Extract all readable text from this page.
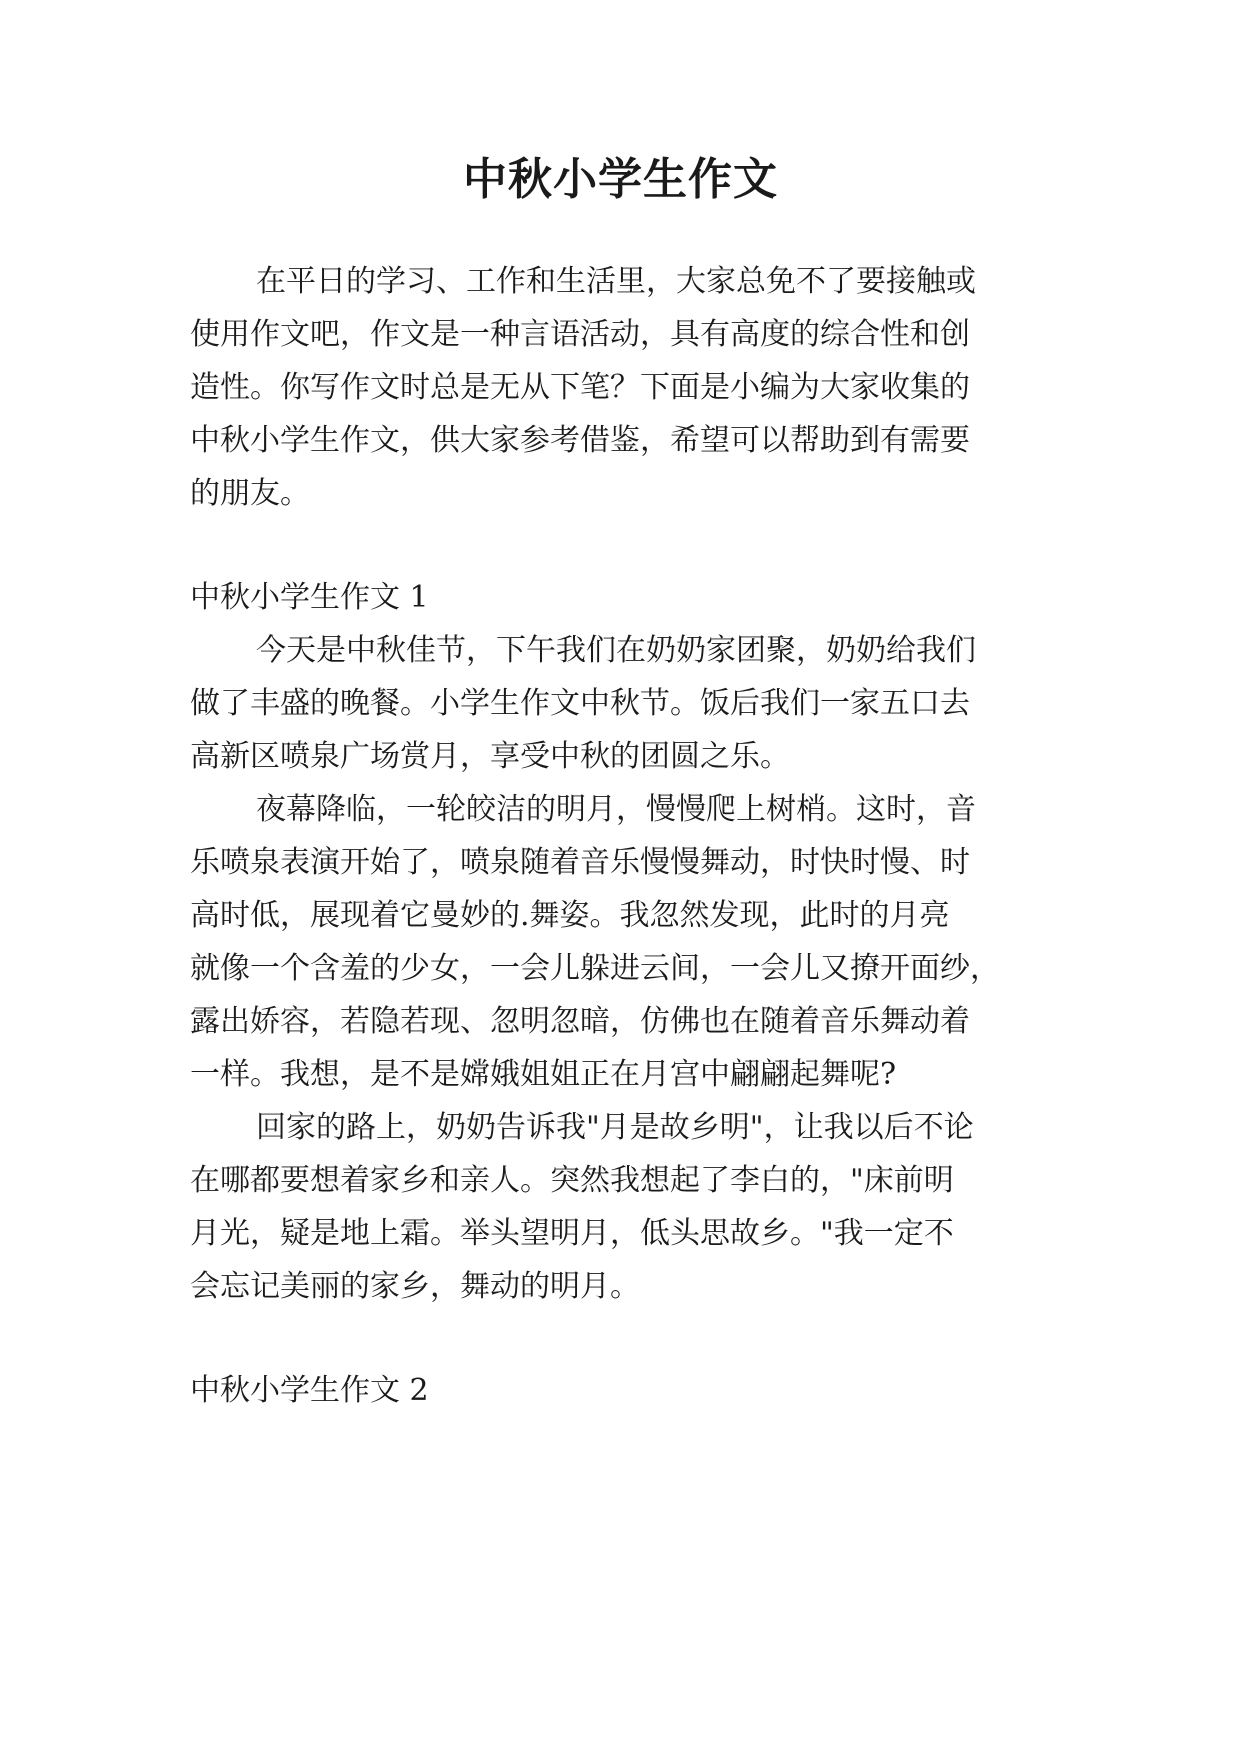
中秋小学生作文

在平日的学习、工作和生活里，大家总免不了要接触或

使用作文吧，作文是一种言语活动，具有高度的综合性和创

造性。你写作文时总是无从下笔？下面是小编为大家收集的

中秋小学生作文，供大家参考借鉴，希望可以帮助到有需要

的朋友。

中秋小学生作文 1

今天是中秋佳节，下午我们在奶奶家团聚，奶奶给我们

做了丰盛的晚餐。小学生作文中秋节。饭后我们一家五口去

高新区喷泉广场赏月，享受中秋的团圆之乐。

夜幕降临，一轮皎洁的明月，慢慢爬上树梢。这时，音

乐喷泉表演开始了，喷泉随着音乐慢慢舞动，时快时慢、时

高时低，展现着它曼妙的.舞姿。我忽然发现，此时的月亮

就像一个含羞的少女，一会儿躲进云间，一会儿又撩开面纱，

露出娇容，若隐若现、忽明忽暗，仿佛也在随着音乐舞动着

一样。我想，是不是嫦娥姐姐正在月宫中翩翩起舞呢?

回家的路上，奶奶告诉我"月是故乡明"，让我以后不论

在哪都要想着家乡和亲人。突然我想起了李白的，"床前明

月光，疑是地上霜。举头望明月，低头思故乡。"我一定不

会忘记美丽的家乡，舞动的明月。

中秋小学生作文 2
